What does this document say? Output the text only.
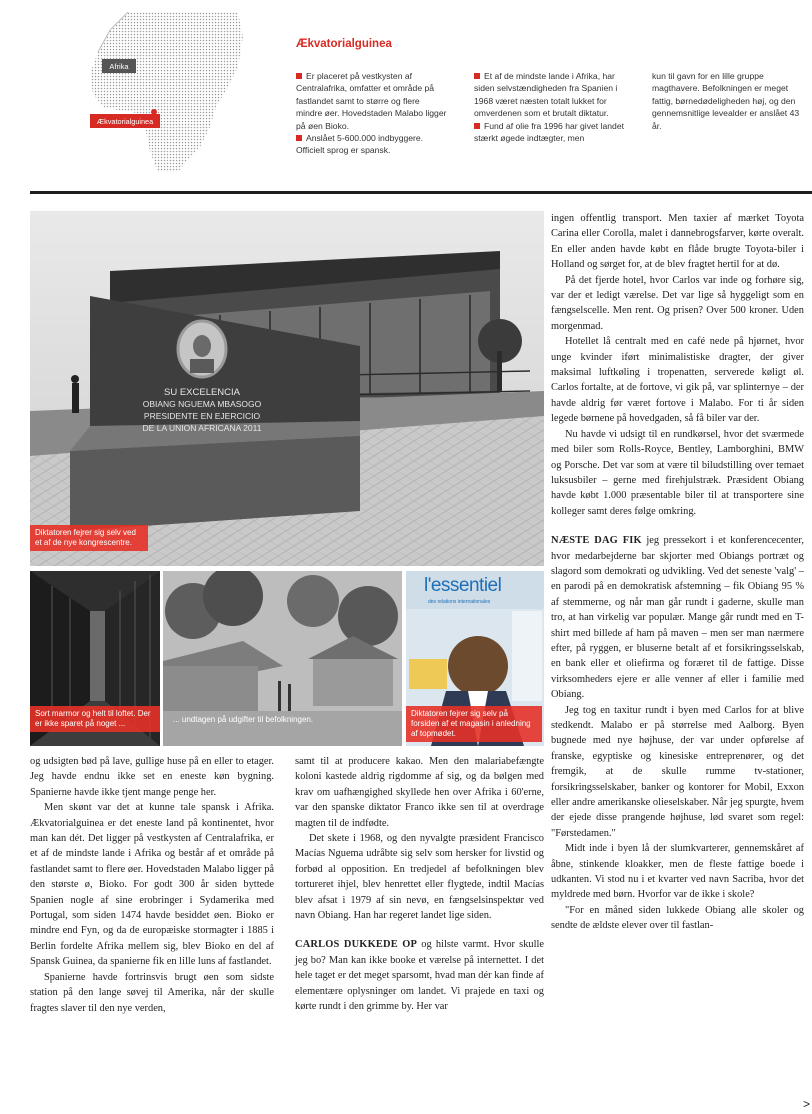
Afrika
Ækvatorialguinea
Ækvatorialguinea

Er placeret på vestkysten af Centralafrika, omfatter et område på fastlandet samt to større og flere mindre øer. Hovedstaden Malabo ligger på øen Bioko.

Anslået 5-600.000 indbyggere. Officielt sprog er spansk.

Et af de mindste lande i Afrika, har siden selvstændigheden fra Spanien i 1968 været næsten totalt lukket for omverdenen som et brutalt diktatur.

Fund af olie fra 1996 har givet landet stærkt øgede indtægter, men

kun til gavn for en lille gruppe magthavere. Befolkningen er meget fattig, børnedødeligheden høj, og den gennemsnitlige levealder er anslået 43 år.

SU EXCELENCIA
OBIANG NGUEMA MBASOGO
PRESIDENTE EN EJERCICIO
DE LA UNION AFRICANA 2011
Diktatoren fejrer sig selv ved et af de nye kongrescentre.
Sort marmor og helt til loftet. Der er ikke sparet på noget ...	... undtagen på udgifter til befolkningen.
l'essentiel
des relations internationales
Diktatoren fejrer sig selv på forsiden af et magasin i anledning af topmødet.

og udsigten bød på lave, gullige huse på en eller to etager. Jeg havde endnu ikke set en eneste køn bygning. Spanierne havde ikke tjent mange penge her.

Men skønt var det at kunne tale spansk i Afrika. Ækvatorialguinea er det eneste land på kontinentet, hvor man kan dét. Det ligger på vestkysten af Centralafrika, er et af de mindste lande i Afrika og består af et område på fastlandet samt to flere øer. Hovedstaden Malabo ligger på den største ø, Bioko. For godt 300 år siden byttede Spanien nogle af sine erobringer i Sydamerika med Portugal, som siden 1474 havde besiddet øen. Bioko er mindre end Fyn, og da de europæiske stormagter i 1885 i Berlin fordelte Afrika mellem sig, blev Bioko en del af Spansk Guinea, da spanierne fik en lille luns af fastlandet.

Spanierne havde fortrinsvis brugt øen som sidste station på den lange søvej til Amerika, når der skulle fragtes slaver til den nye verden,

samt til at producere kakao. Men den malariabefængte koloni kastede aldrig rigdomme af sig, og da bølgen med krav om uafhængighed skyllede hen over Afrika i 60'erne, var den spanske diktator Franco ikke sen til at overdrage magten til de indfødte.

Det skete i 1968, og den nyvalgte præsident Francisco Macías Nguema udråbte sig selv som hersker for livstid og forbød al opposition. En tredjedel af befolkningen blev tortureret ihjel, blev henrettet eller flygtede, indtil Macías blev afsat i 1979 af sin nevø, en fængselsinspektør ved navn Obiang. Han har regeret landet lige siden.

CARLOS DUKKEDE OP og hilste varmt. Hvor skulle jeg bo? Man kan ikke booke et værelse på internettet. I det hele taget er det meget sparsomt, hvad man dér kan finde af elementære oplysninger om landet. Vi prajede en taxi og kørte rundt i den grimme by. Her var

ingen offentlig transport. Men taxier af mærket Toyota Carina eller Corolla, malet i dannebrogsfarver, kørte overalt. En eller anden havde købt en flåde brugte Toyota-biler i Holland og sørget for, at de blev fragtet hertil for at dø.

På det fjerde hotel, hvor Carlos var inde og forhøre sig, var der et ledigt værelse. Det var lige så hyggeligt som en fængselscelle. Men rent. Og prisen? Over 500 kroner. Uden morgenmad.

Hotellet lå centralt med en café nede på hjørnet, hvor unge kvinder iført minimalistiske dragter, der giver maksimal luftkøling i tropenatten, serverede køligt øl. Carlos fortalte, at de fortove, vi gik på, var splinternye – der havde aldrig før været fortove i Malabo. For ti år siden legede børnene på hovedgaden, så få biler var der.

Nu havde vi udsigt til en rundkørsel, hvor det sværmede med biler som Rolls-Royce, Bentley, Lamborghini, BMW og Porsche. Det var som at være til biludstilling over temaet luksusbiler – gerne med firehjulstræk. Præsident Obiang havde købt 1.000 præsentable biler til at transportere sine kolleger samt deres følge omkring.

NÆSTE DAG FIK jeg pressekort i et konferencecenter, hvor medarbejderne bar skjorter med Obiangs portræt og slagord som demokrati og udvikling. Ved det seneste 'valg' – en parodi på en demokratisk afstemning – fik Obiang 95 % af stemmerne, og når man går rundt i gaderne, skulle man tro, at han virkelig var populær. Mange går rundt med en T-shirt med billede af ham på maven – men ser man nærmere efter, på ryggen, er bluserne betalt af et forsikringsselskab, en bank eller et oliefirma og foræret til de fattige. Disse virksomheders ejere er alle venner af eller i familie med Obiang.

Jeg tog en taxitur rundt i byen med Carlos for at blive stedkendt. Malabo er på størrelse med Aalborg. Byen bugnede med nye højhuse, der var under opførelse af franske, egyptiske og kinesiske entreprenører, og det fremgik, at de skulle rumme tv-stationer, forsikringsselskaber, banker og kontorer for Mobil, Exxon eller andre amerikanske olieselskaber. Når jeg spurgte, hvem der ejede disse prangende højhuse, lød svaret som regel: "Førstedamen."

Midt inde i byen lå der slumkvarterer, gennemskåret af åbne, stinkende kloakker, men de fleste fattige boede i udkanten. Vi stod nu i et kvarter ved navn Sacriba, hvor det myldrede med børn. Hvorfor var de ikke i skole?

"For en måned siden lukkede Obiang alle skoler og sendte de ældste elever over til fastlan-

>
